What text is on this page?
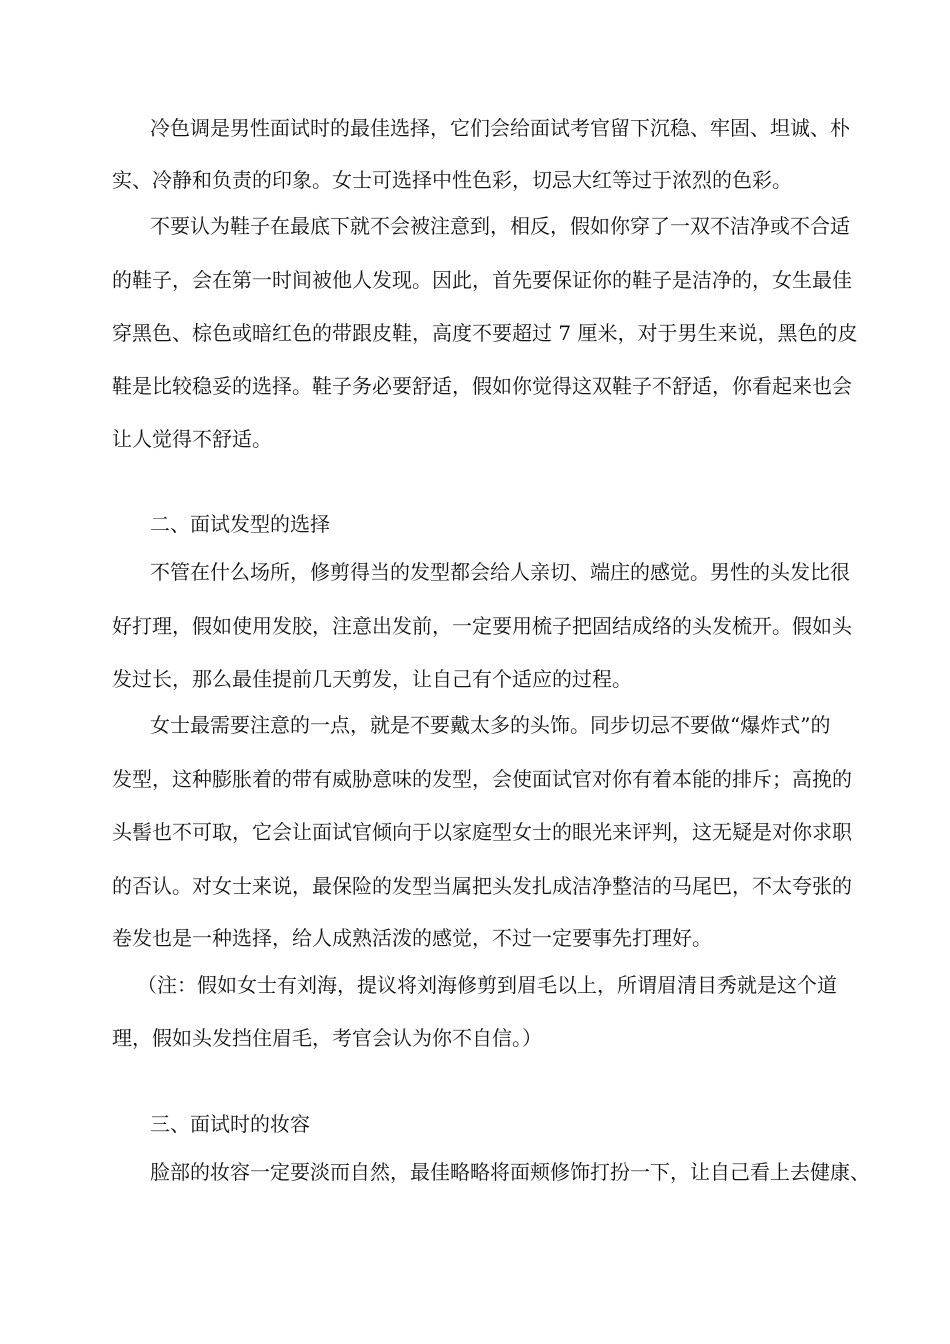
冷色调是男性面试时的最佳选择，它们会给面试考官留下沉稳、牢固、坦诚、朴
实、冷静和负责的印象。女士可选择中性色彩，切忌大红等过于浓烈的色彩。
不要认为鞋子在最底下就不会被注意到，相反，假如你穿了一双不洁净或不合适
的鞋子，会在第一时间被他人发现。因此，首先要保证你的鞋子是洁净的，女生最佳
穿黑色、棕色或暗红色的带跟皮鞋，高度不要超过 7 厘米，对于男生来说，黑色的皮
鞋是比较稳妥的选择。鞋子务必要舒适，假如你觉得这双鞋子不舒适，你看起来也会
让人觉得不舒适。
二、面试发型的选择
不管在什么场所，修剪得当的发型都会给人亲切、端庄的感觉。男性的头发比很
好打理，假如使用发胶，注意出发前，一定要用梳子把固结成络的头发梳开。假如头
发过长，那么最佳提前几天剪发，让自己有个适应的过程。
女士最需要注意的一点，就是不要戴太多的头饰。同步切忌不要做“爆炸式”的
发型，这种膨胀着的带有威胁意味的发型，会使面试官对你有着本能的排斥；高挽的
头髻也不可取，它会让面试官倾向于以家庭型女士的眼光来评判，这无疑是对你求职
的否认。对女士来说，最保险的发型当属把头发扎成洁净整洁的马尾巴，不太夸张的
卷发也是一种选择，给人成熟活泼的感觉，不过一定要事先打理好。
（注：假如女士有刘海，提议将刘海修剪到眉毛以上，所谓眉清目秀就是这个道
理，假如头发挡住眉毛，考官会认为你不自信。）
三、面试时的妆容
脸部的妆容一定要淡而自然，最佳略略将面颊修饰打扮一下，让自己看上去健康、
